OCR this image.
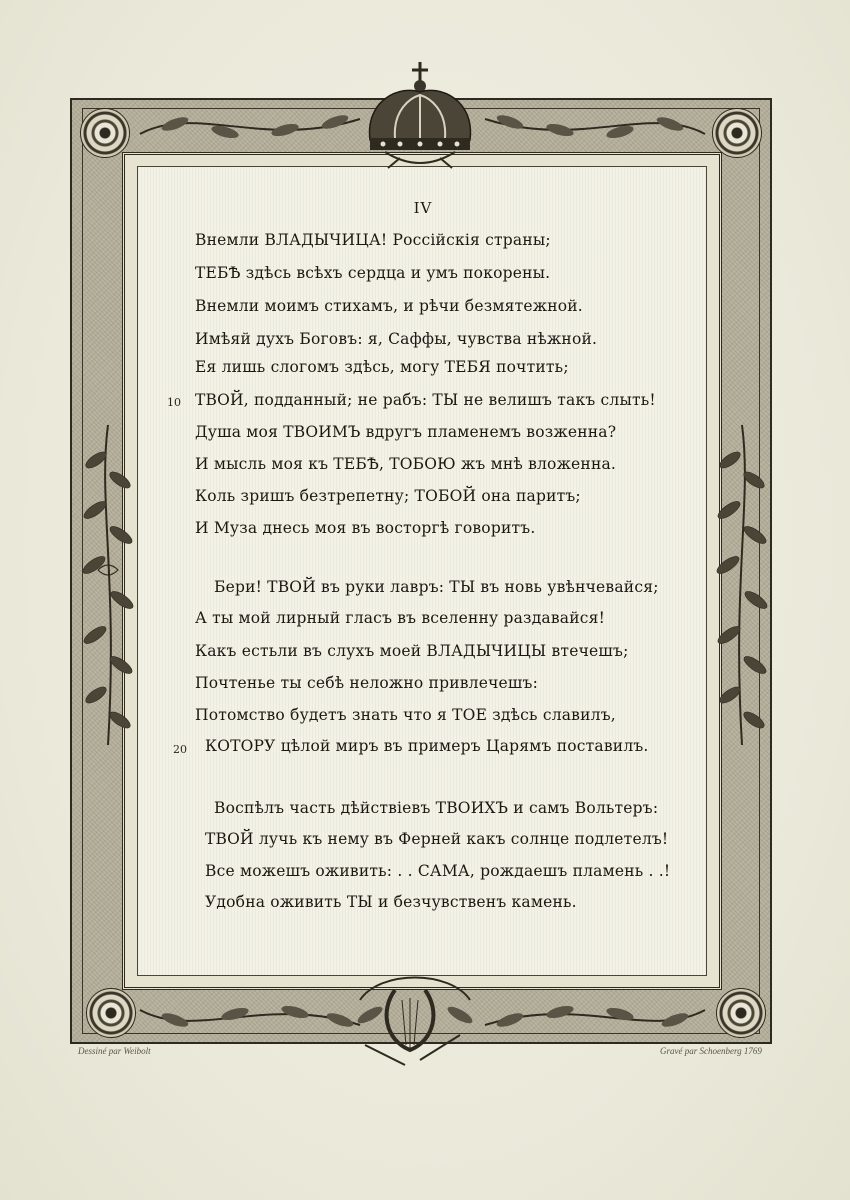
IV
Внемли ВЛАДЫЧИЦА! Россійскія страны;
ТЕБѢ здѣсь всѣхъ сердца и умъ покорены.
Внемли моимъ стихамъ, и рѣчи безмятежной.
Имѣяй духъ Боговъ: я, Саффы, чувства нѣжной.
Ея лишь слогомъ здѣсь, могу ТЕБЯ почтить;
10 ТВОЙ, подданный; не рабъ: ТЫ не велишъ такъ слыть!
Душа моя ТВОИМЪ вдругъ пламенемъ возженна?
И мысль моя къ ТЕБѢ, ТОБОЮ жъ мнѣ вложенна.
Коль зришъ безтрепетну; ТОБОЙ она паритъ;
И Муза днесь моя въ восторгѣ говоритъ.
Бери! ТВОЙ въ руки лавръ: ТЫ въ новь увѣнчевайся;
А ты мой лирный гласъ въ вселенну раздавайся!
Какъ естьли въ слухъ моей ВЛАДЫЧИЦЫ втечешъ;
Почтенье ты себѣ неложно привлечешъ:
Потомство будетъ знать что я ТОЕ здѣсь славилъ,
20 КОТОРУ цѣлой миръ въ примеръ Царямъ поставилъ.
Воспѣлъ часть дѣйствіевъ ТВОИХЪ и самъ Вольтеръ:
ТВОЙ лучь къ нему въ Ферней какъ солнце подлетелъ!
Все можешъ оживить: . . САМА, рождаешъ пламень . .!
Удобна оживить ТЫ и безчувственъ камень.
Dessiné par Weibolt	Gravé par Schoenberg 1769
